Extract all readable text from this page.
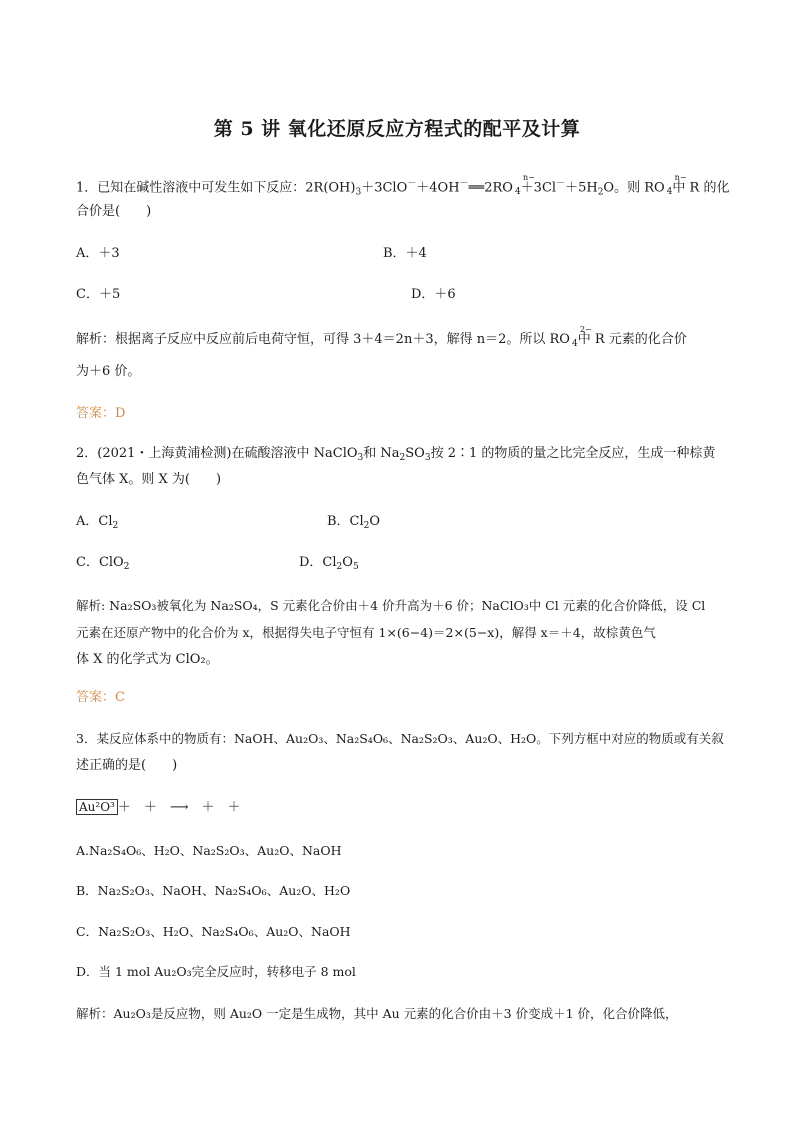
第 5 讲 氧化还原反应方程式的配平及计算
1．已知在碱性溶液中可发生如下反应：$2R(OH)_3+3ClO^-+4OH^-══2RO$
n−
$_4+3Cl^-+5H_2O$。则 RO
n−
$_4$中 R 的化
合价是(　　)
A．＋3	B．＋4
C．＋5	D．＋6
解析：根据离子反应中反应前后电荷守恒，可得 3＋4＝2n＋3，解得 n＝2。所以 RO
2−
$_4$中 R 元素的化合价
为＋6 价。
答案：D
2．(2021・上海黄浦检测)在硫酸溶液中 NaClO$_3$和 $Na_2SO_3$按 2∶1 的物质的量之比完全反应，生成一种棕黄
色气体 X。则 X 为(　　)
A．$Cl_2$	B．$Cl_2O$
C．ClO$_2$	D．$Cl_2O_5$
解析: Na₂SO₃被氧化为 Na₂SO₄，S 元素化合价由＋4 价升高为＋6 价；NaClO₃中 Cl 元素的化合价降低，设 Cl
元素在还原产物中的化合价为 x，根据得失电子守恒有 1×(6−4)＝2×(5−x)，解得 x＝＋4，故棕黄色气
体 X 的化学式为 ClO₂。
答案：C
3．某反应体系中的物质有：NaOH、Au₂O₃、Na₂S₄O₆、Na₂S₂O₃、Au₂O、H₂O。下列方框中对应的物质或有关叙
述正确的是(　　)
Au²O³ ＋　＋　⟶　＋　＋
A.Na₂S₄O₆、H₂O、Na₂S₂O₃、Au₂O、NaOH
B．Na₂S₂O₃、NaOH、Na₂S₄O₆、Au₂O、H₂O
C．Na₂S₂O₃、H₂O、Na₂S₄O₆、Au₂O、NaOH
D．当 1 mol Au₂O₃完全反应时，转移电子 8 mol
解析：Au₂O₃是反应物，则 Au₂O 一定是生成物，其中 Au 元素的化合价由＋3 价变成＋1 价，化合价降低，
